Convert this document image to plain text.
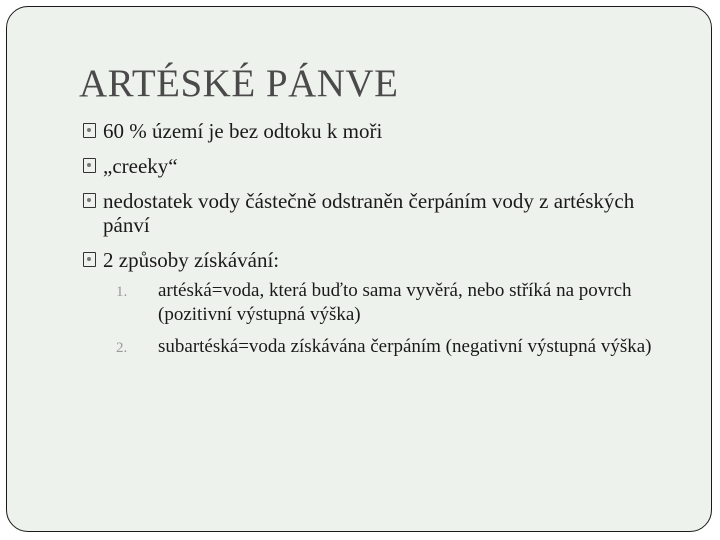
ARTÉSKÉ PÁNVE
60 % území je bez odtoku k moři
„creeky“
nedostatek vody částečně odstraněn čerpáním vody z artéských pánví
2 způsoby získávání:
1. artéská=voda, která buďto sama vyvěrá, nebo stříká na povrch (pozitivní výstupná výška)
2. subartéská=voda získávána čerpáním (negativní výstupná výška)
